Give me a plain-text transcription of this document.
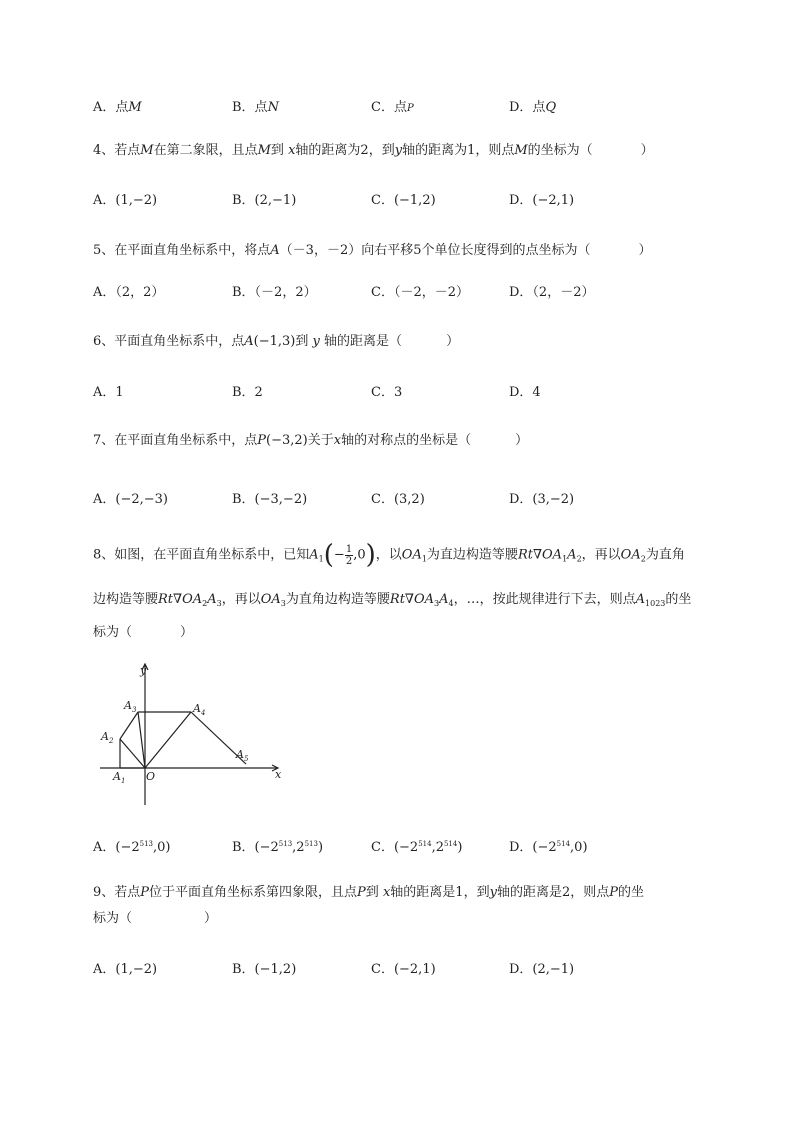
A．点M	B．点N	C．点P	D．点Q
4、若点M在第二象限，且点M到 x轴的距离为2，到y轴的距离为1，则点M的坐标为（	）
A．(1,−2)	B．(2,−1)	C．(−1,2)	D．(−2,1)
5、在平面直角坐标系中，将点A（－3，－2）向右平移5个单位长度得到的点坐标为（	）
A．（2，2）	B．（－2，2）	C．（－2，－2）	D．（2，－2）
6、平面直角坐标系中，点A(−1,3)到 y 轴的距离是（	）
A．1	B．2	C．3	D．4
7、在平面直角坐标系中，点P(−3,2)关于x轴的对称点的坐标是（	）
A．(−2,−3)	B．(−3,−2)	C．(3,2)	D．(3,−2)
8、如图，在平面直角坐标系中，已知$A_1(- \frac{1}{2} ,0)$，以$OA_1$为直边构造等腰$Rt\nabla OA_1A_2$，再以$OA_2$为直角
边构造等腰$Rt\nabla OA_2A_3$，再以$OA_3$为直角边构造等腰$Rt\nabla OA_3A_4$，…，按此规律进行下去，则点$A_{1023}$的坐
标为（	）
y
x
O
$A_1$
$A_2$
$A_3$	$A_4$
$A_5$
A．$(-2^{513},0)$	B．$(-2^{513},2^{513})$	C．$(-2^{514},2^{514})$	D．$(-2^{514},0)$
9、若点P位于平面直角坐标系第四象限，且点P到 x轴的距离是1，到y轴的距离是2，则点P的坐
标为（	）
A．(1,−2)	B．(−1,2)	C．(−2,1)	D．(2,−1)
